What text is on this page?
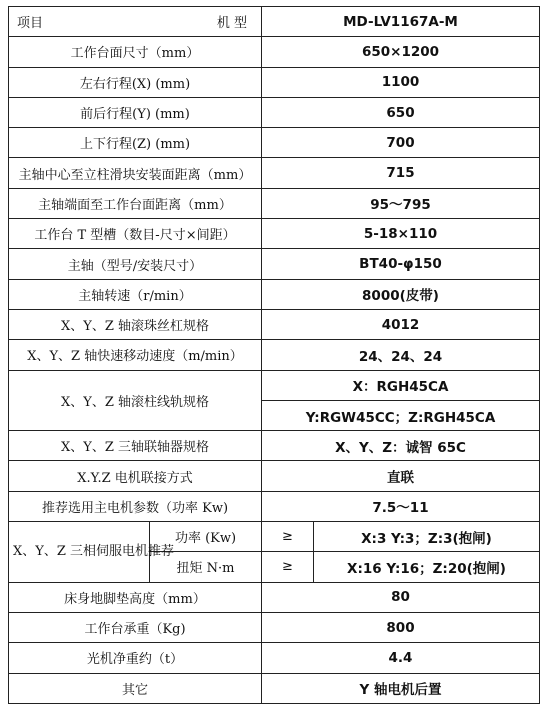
项目 机 型		MD-LV1167A-M	
工作台面尺寸（mm）		650×1200	
左右行程(X) (mm)		1100	
前后行程(Y) (mm)		650	
上下行程(Z) (mm)		700	
主轴中心至立柱滑块安装面距离（mm）		715	
主轴端面至工作台面距离（mm）		95～795	
工作台 T 型槽（数目-尺寸×间距）		5-18×110	
主轴（型号/安装尺寸）		BT40-φ150	
主轴转速（r/min）		8000(皮带)	
X、Y、Z 轴滚珠丝杠规格		4012	
X、Y、Z 轴快速移动速度（m/min）		24、24、24	
X、Y、Z 轴滚柱线轨规格		X：RGH45CA	
		Y:RGW45CC；Z:RGH45CA	
X、Y、Z 三轴联轴器规格		X、Y、Z：诚智 65C	
X.Y.Z 电机联接方式		直联	
推荐选用主电机参数（功率 Kw)		7.5～11	
X、Y、Z 三相伺服电机推荐	功率 (Kw)	≥	X:3 Y:3；Z:3(抱闸)
	扭矩 N·m	≥	X:16 Y:16；Z:20(抱闸)
床身地脚垫高度（mm）		80	
工作台承重（Kg)		800	
光机净重约（t）		4.4	
其它		Y 轴电机后置	
